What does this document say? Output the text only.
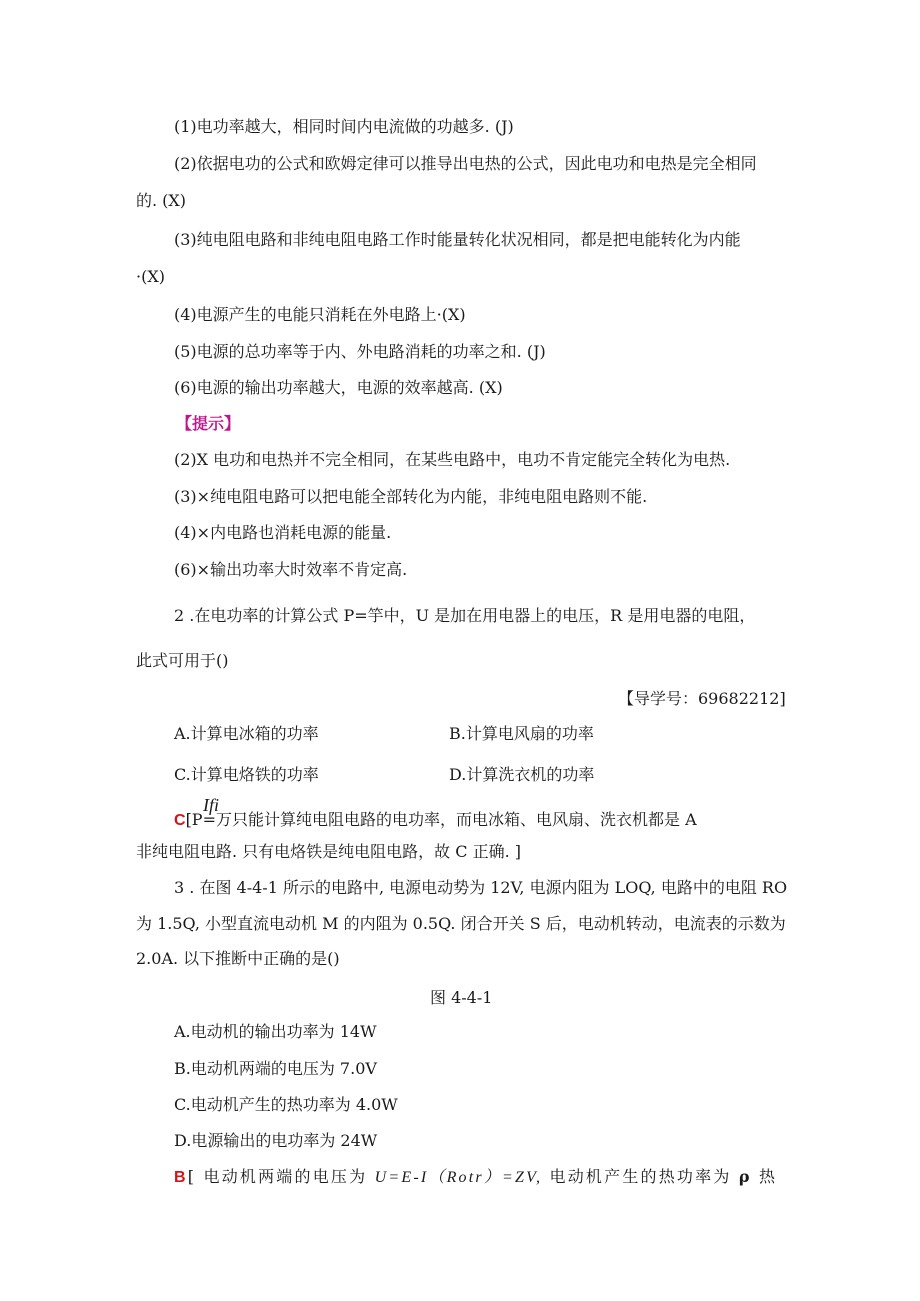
(1)电功率越大，相同时间内电流做的功越多. (J)
(2)依据电功的公式和欧姆定律可以推导出电热的公式，因此电功和电热是完全相同
的. (X)
(3)纯电阻电路和非纯电阻电路工作时能量转化状况相同，都是把电能转化为内能
·(X)
(4)电源产生的电能只消耗在外电路上·(X)
(5)电源的总功率等于内、外电路消耗的功率之和. (J)
(6)电源的输出功率越大，电源的效率越高. (X)
【提示】
(2)X 电功和电热并不完全相同，在某些电路中，电功不肯定能完全转化为电热.
(3)×纯电阻电路可以把电能全部转化为内能，非纯电阻电路则不能.
(4)×内电路也消耗电源的能量.
(6)×输出功率大时效率不肯定高.
2 .在电功率的计算公式 P=竽中，U 是加在用电器上的电压，R 是用电器的电阻，
此式可用于()
【导学号：69682212]
A.计算电冰箱的功率	B.计算电风扇的功率
C.计算电烙铁的功率	D.计算洗衣机的功率
Ifi
C[P=万只能计算纯电阻电路的电功率，而电冰箱、电风扇、洗衣机都是 A
非纯电阻电路. 只有电烙铁是纯电阻电路，故 C 正确. ]
3 . 在图 4-4-1 所示的电路中, 电源电动势为 12V, 电源内阻为 LOQ, 电路中的电阻 RO
为 1.5Q, 小型直流电动机 M 的内阻为 0.5Q. 闭合开关 S 后，电动机转动，电流表的示数为
2.0A. 以下推断中正确的是()
图 4-4-1
A.电动机的输出功率为 14W
B.电动机两端的电压为 7.0V
C.电动机产生的热功率为 4.0W
D.电源输出的电功率为 24W
B[ 电动机两端的电压为 U=E-I（Rotr）=ZV, 电动机产生的热功率为 ρ 热
